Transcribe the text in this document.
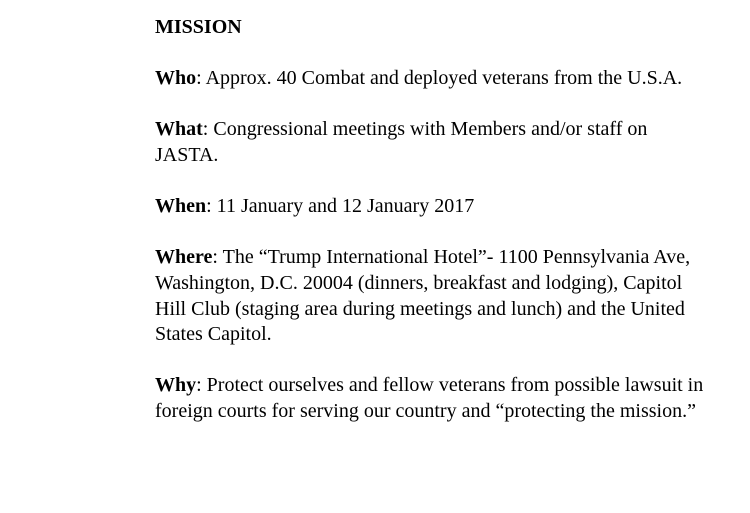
MISSION

Who: Approx. 40 Combat and deployed veterans from the U.S.A.

What: Congressional meetings with Members and/or staff on JASTA.

When: 11 January and 12 January 2017

Where: The “Trump International Hotel”- 1100 Pennsylvania Ave, Washington, D.C. 20004 (dinners, breakfast and lodging), Capitol Hill Club (staging area during meetings and lunch) and the United States Capitol.

Why: Protect ourselves and fellow veterans from possible lawsuit in foreign courts for serving our country and “protecting the mission.”
